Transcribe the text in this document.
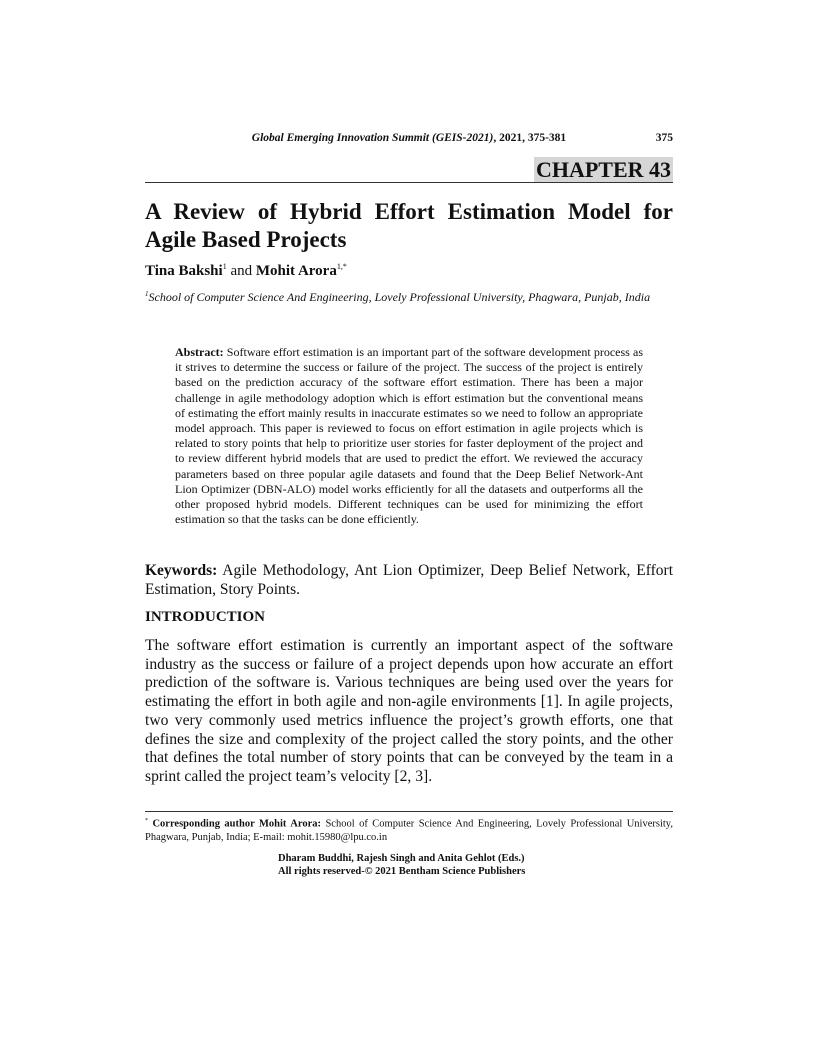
Global Emerging Innovation Summit (GEIS-2021), 2021, 375-381	375
CHAPTER 43
A Review of Hybrid Effort Estimation Model for Agile Based Projects
Tina Bakshi$^1$ and Mohit Arora$^{1,*}$
$^1$School of Computer Science And Engineering, Lovely Professional University, Phagwara, Punjab, India

Abstract: Software effort estimation is an important part of the software development process as it strives to determine the success or failure of the project. The success of the project is entirely based on the prediction accuracy of the software effort estimation. There has been a major challenge in agile methodology adoption which is effort estimation but the conventional means of estimating the effort mainly results in inaccurate estimates so we need to follow an appropriate model approach. This paper is reviewed to focus on effort estimation in agile projects which is related to story points that help to prioritize user stories for faster deployment of the project and to review different hybrid models that are used to predict the effort. We reviewed the accuracy parameters based on three popular agile datasets and found that the Deep Belief Network-Ant Lion Optimizer (DBN-ALO) model works efficiently for all the datasets and outperforms all the other proposed hybrid models. Different techniques can be used for minimizing the effort estimation so that the tasks can be done efficiently.

Keywords: Agile Methodology, Ant Lion Optimizer, Deep Belief Network, Effort Estimation, Story Points.

INTRODUCTION

The software effort estimation is currently an important aspect of the software industry as the success or failure of a project depends upon how accurate an effort prediction of the software is. Various techniques are being used over the years for estimating the effort in both agile and non-agile environments [1]. In agile projects, two very commonly used metrics influence the project’s growth efforts, one that defines the size and complexity of the project called the story points, and the other that defines the total number of story points that can be conveyed by the team in a sprint called the project team’s velocity [2, 3].

* Corresponding author Mohit Arora: School of Computer Science And Engineering, Lovely Professional University, Phagwara, Punjab, India; E-mail: mohit.15980@lpu.co.in

Dharam Buddhi, Rajesh Singh and Anita Gehlot (Eds.)
All rights reserved-© 2021 Bentham Science Publishers
